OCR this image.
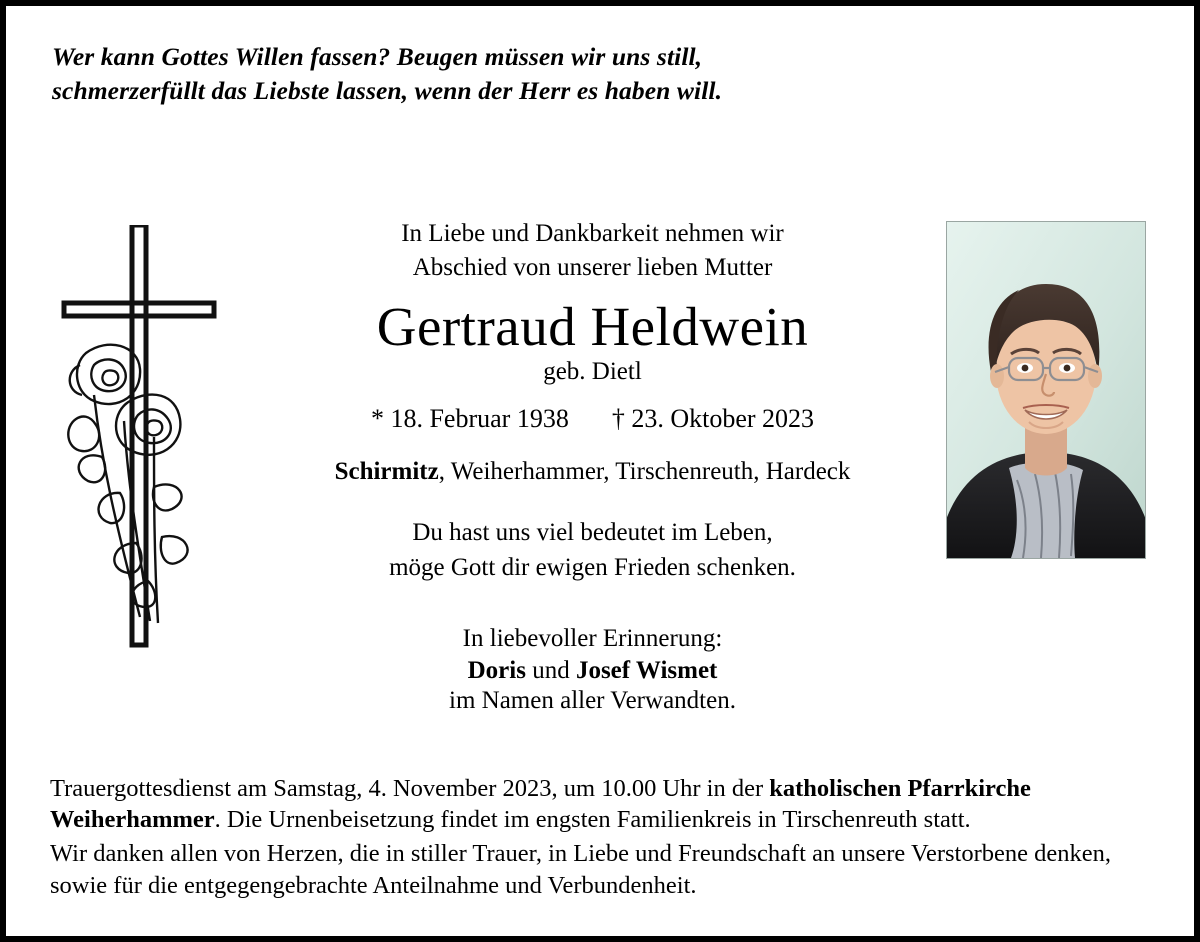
Wer kann Gottes Willen fassen? Beugen müssen wir uns still,
schmerzerfüllt das Liebste lassen, wenn der Herr es haben will.

In Liebe und Dankbarkeit nehmen wir
Abschied von unserer lieben Mutter

Gertraud Heldwein
geb. Dietl
* 18. Februar 1938 † 23. Oktober 2023
Schirmitz, Weiherhammer, Tirschenreuth, Hardeck

Du hast uns viel bedeutet im Leben,
möge Gott dir ewigen Frieden schenken.

In liebevoller Erinnerung:
Doris und Josef Wismet
im Namen aller Verwandten.

Trauergottesdienst am Samstag, 4. November 2023, um 10.00 Uhr in der katholischen Pfarrkirche Weiherhammer. Die Urnenbeisetzung findet im engsten Familienkreis in Tirschenreuth statt.

Wir danken allen von Herzen, die in stiller Trauer, in Liebe und Freundschaft an unsere Verstorbene denken, sowie für die entgegengebrachte Anteilnahme und Verbundenheit.
